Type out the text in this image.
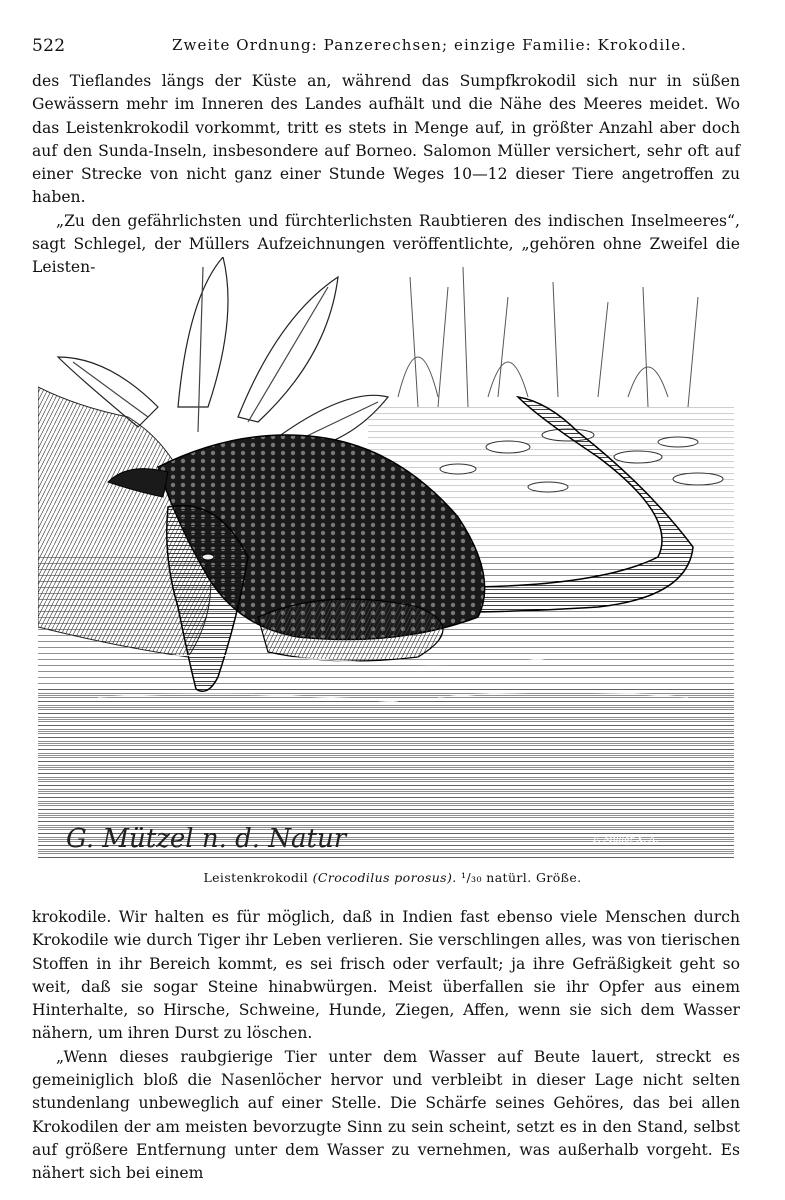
522	Zweite Ordnung: Panzerechsen; einzige Familie: Krokodile.

des Tieflandes längs der Küste an, während das Sumpfkrokodil sich nur in süßen Gewässern mehr im Inneren des Landes aufhält und die Nähe des Meeres meidet. Wo das Leistenkrokodil vorkommt, tritt es stets in Menge auf, in größter Anzahl aber doch auf den Sunda-Inseln, insbesondere auf Borneo. Salomon Müller versichert, sehr oft auf einer Strecke von nicht ganz einer Stunde Weges 10—12 dieser Tiere angetroffen zu haben.

„Zu den gefährlichsten und fürchterlichsten Raubtieren des indischen Inselmeeres“, sagt Schlegel, der Müllers Aufzeichnungen veröffentlichte, „gehören ohne Zweifel die Leisten-

G. Mützel n. d. Natur	F. Muller X. A.
Leistenkrokodil (Crocodilus porosus). ¹/₃₀ natürl. Größe.

krokodile. Wir halten es für möglich, daß in Indien fast ebenso viele Menschen durch Krokodile wie durch Tiger ihr Leben verlieren. Sie verschlingen alles, was von tierischen Stoffen in ihr Bereich kommt, es sei frisch oder verfault; ja ihre Gefräßigkeit geht so weit, daß sie sogar Steine hinabwürgen. Meist überfallen sie ihr Opfer aus einem Hinterhalte, so Hirsche, Schweine, Hunde, Ziegen, Affen, wenn sie sich dem Wasser nähern, um ihren Durst zu löschen.

„Wenn dieses raubgierige Tier unter dem Wasser auf Beute lauert, streckt es gemeiniglich bloß die Nasenlöcher hervor und verbleibt in dieser Lage nicht selten stundenlang unbeweglich auf einer Stelle. Die Schärfe seines Gehöres, das bei allen Krokodilen der am meisten bevorzugte Sinn zu sein scheint, setzt es in den Stand, selbst auf größere Entfernung unter dem Wasser zu vernehmen, was außerhalb vorgeht. Es nähert sich bei einem
